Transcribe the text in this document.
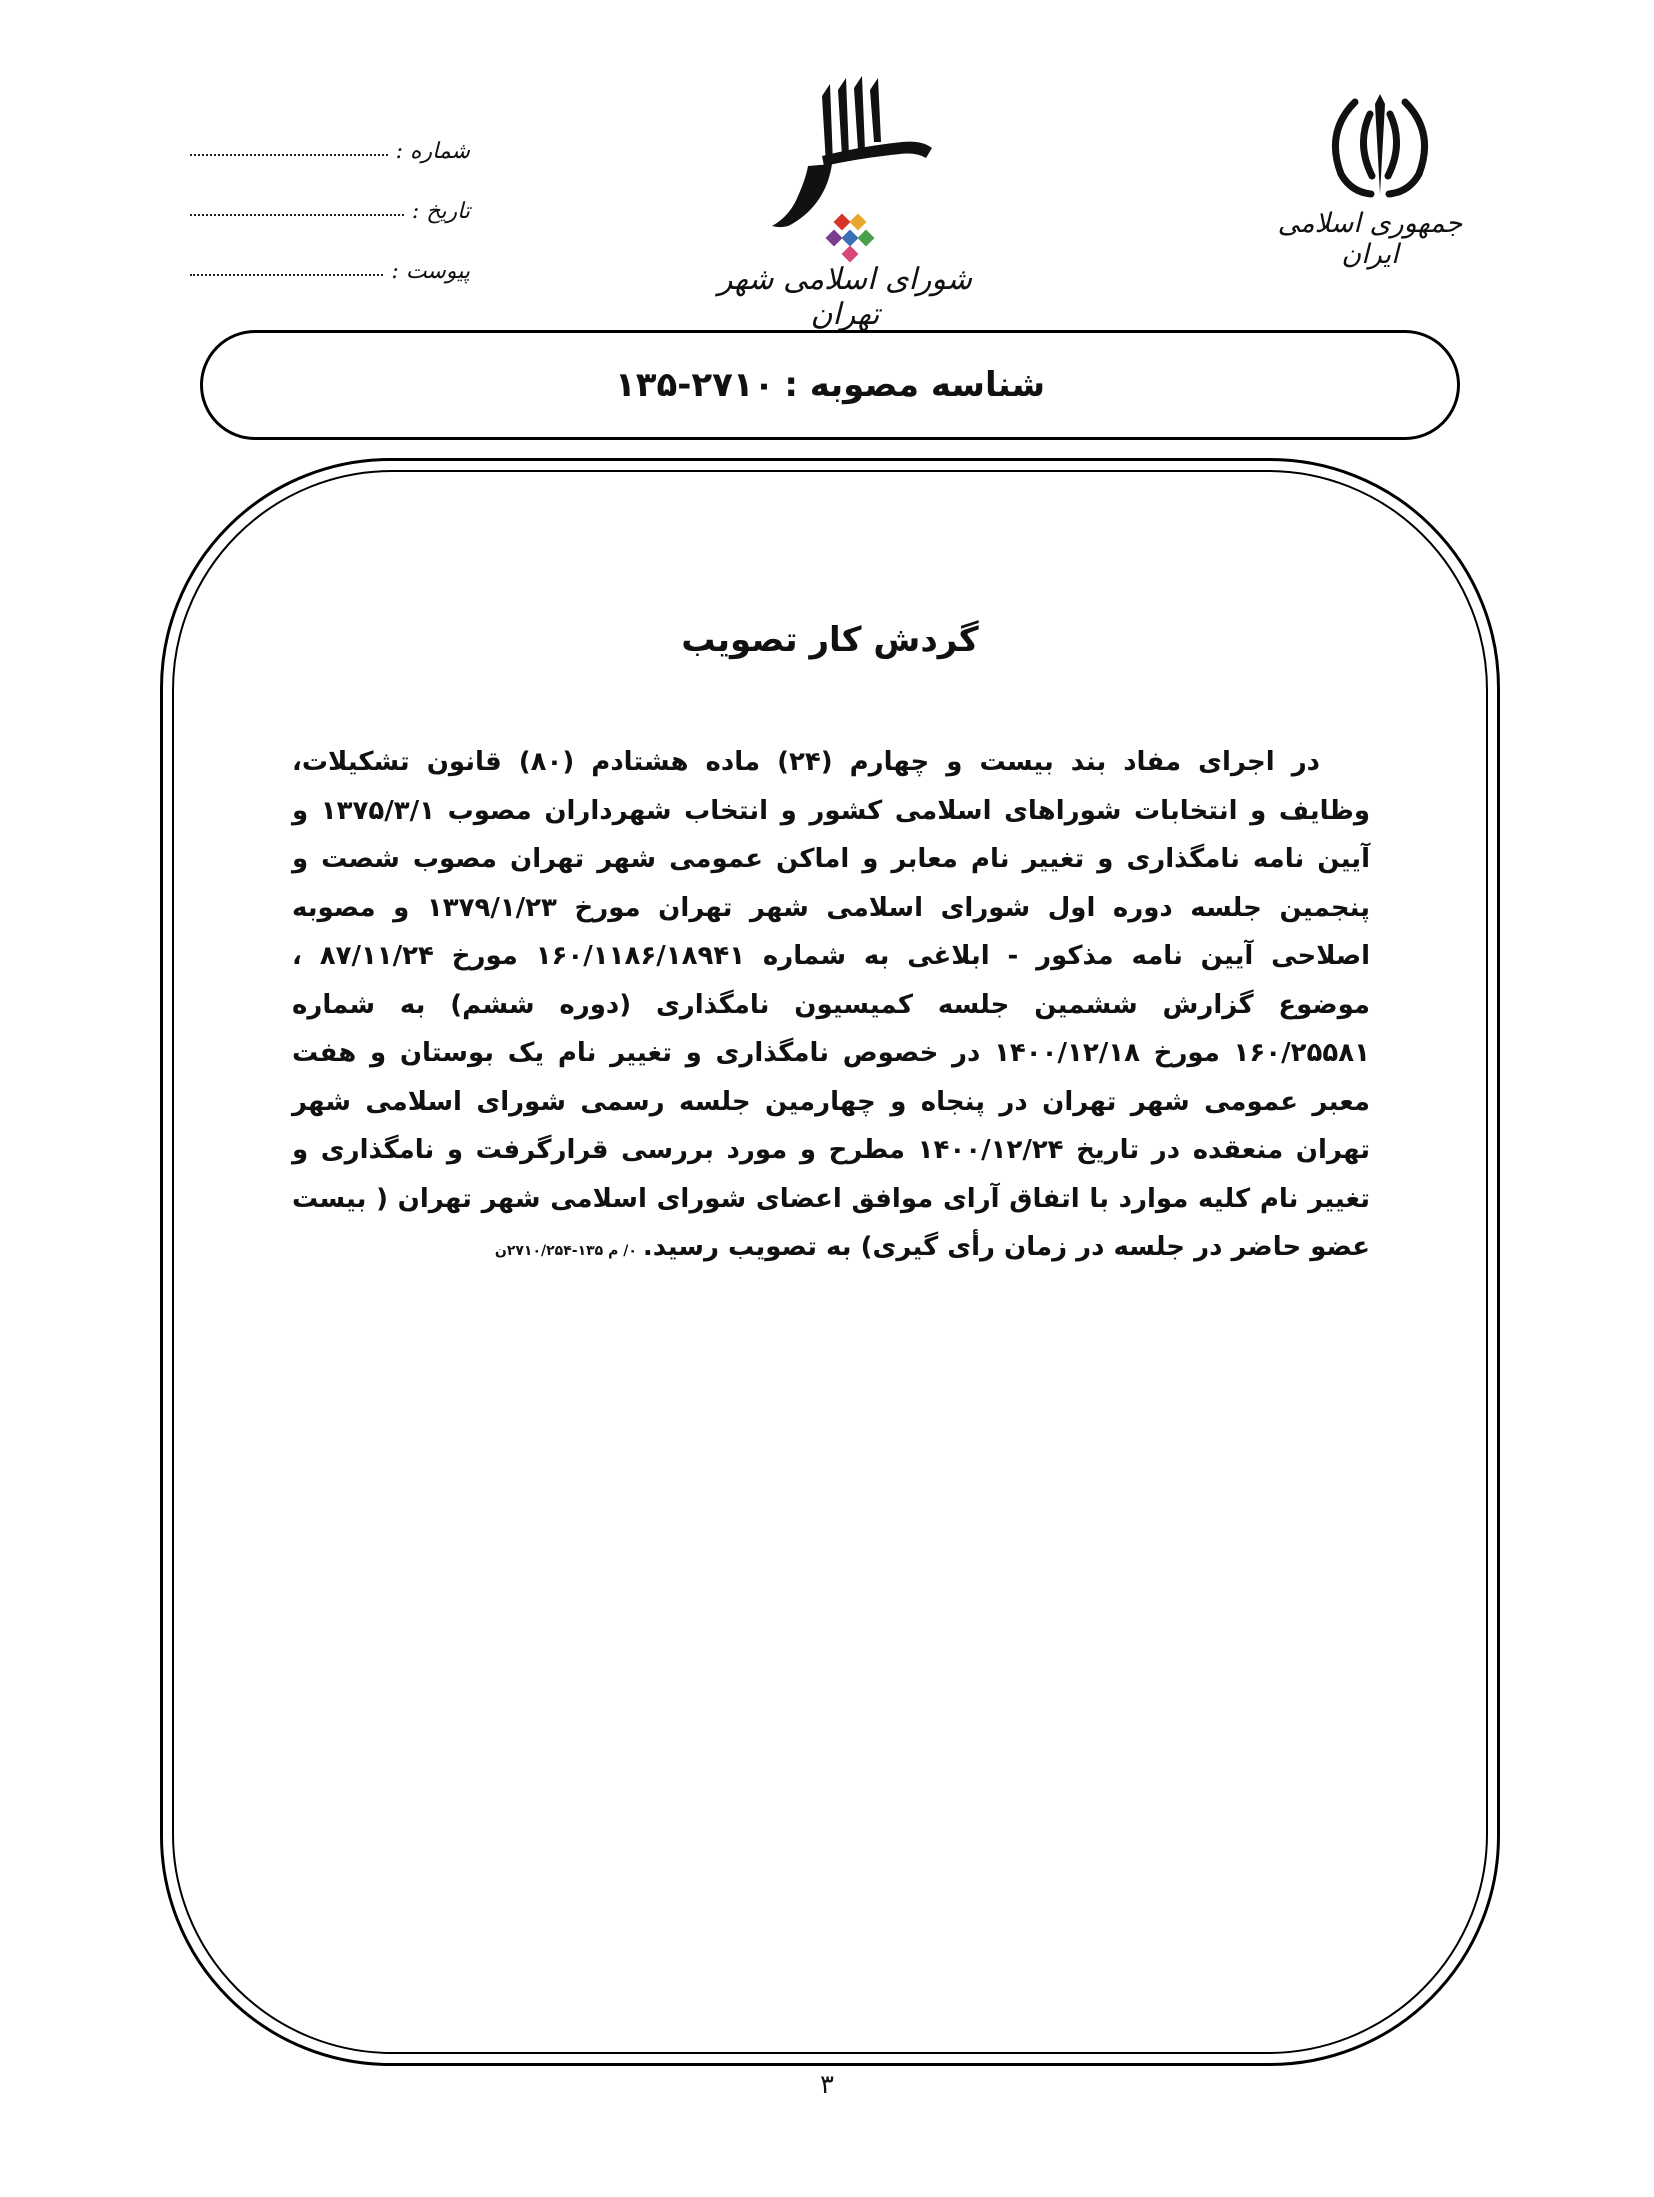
شماره :
تاریخ :
پیوست :	شورای اسلامی شهر تهران
جمهوری اسلامی ایران
شناسه مصوبه :۱۳۵-۲۷۱۰
گردش کار تصویب

در اجرای مفاد بند بیست و چهارم (۲۴) ماده هشتادم (۸۰) قانون تشکیلات، وظایف و انتخابات شوراهای اسلامی کشور و انتخاب شهرداران مصوب ۱۳۷۵/۳/۱ و آیین نامه نامگذاری و تغییر نام معابر و اماکن عمومی شهر تهران مصوب شصت و پنجمین جلسه دوره اول شورای اسلامی شهر تهران مورخ ۱۳۷۹/۱/۲۳ و مصوبه اصلاحی آیین نامه مذکور - ابلاغی به شماره ۱۶۰/۱۱۸۶/۱۸۹۴۱ مورخ ۸۷/۱۱/۲۴ ، موضوع گزارش ششمین جلسه کمیسیون نامگذاری (دوره ششم) به شماره ۱۶۰/۲۵۵۸۱ مورخ ۱۴۰۰/۱۲/۱۸ در خصوص نامگذاری و تغییر نام یک بوستان و هفت معبر عمومی شهر تهران در پنجاه و چهارمین جلسه رسمی شورای اسلامی شهر تهران منعقده در تاریخ ۱۴۰۰/۱۲/۲۴ مطرح و مورد بررسی قرارگرفت و نامگذاری و تغییر نام کلیه موارد با اتفاق آرای موافق اعضای شورای اسلامی شهر تهران ( بیست عضو حاضر در جلسه در زمان رأی گیری) به تصویب رسید.۰/ م ۱۳۵-۲۷۱۰/۲۵۴ن

۳
